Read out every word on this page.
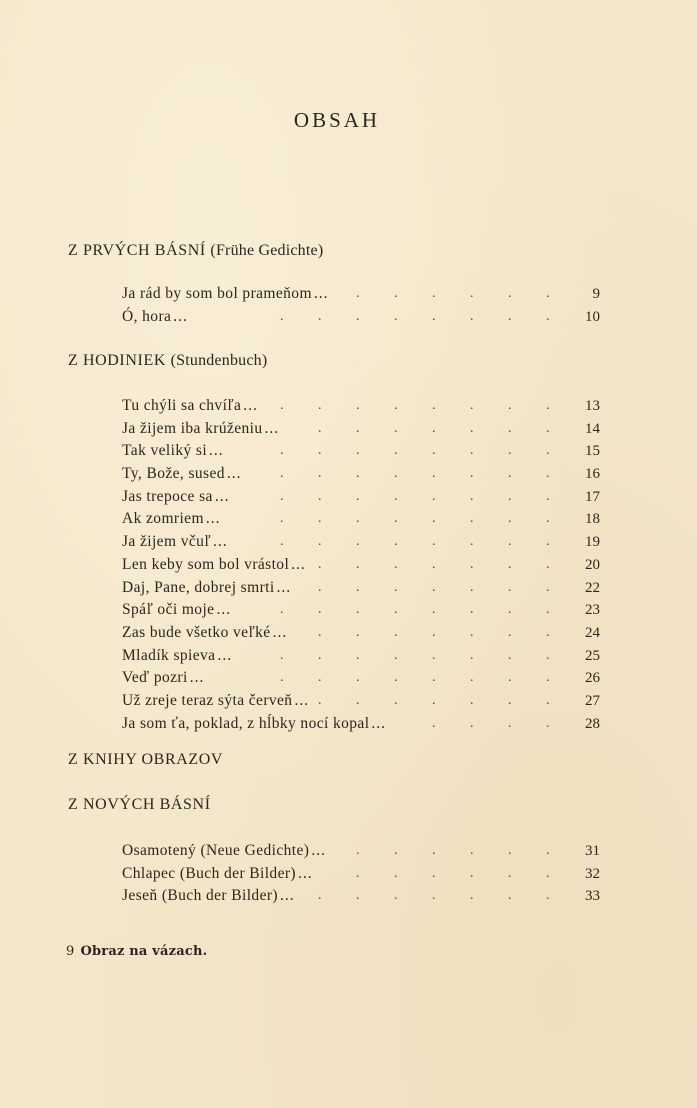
OBSAH
Z PRVÝCH BÁSNÍ (Frühe Gedichte)
Ja rád by som bol prameňom ... . . . . . .	9
Ó, hora ...	. . . . . . . . 10
Z HODINIEK (Stundenbuch)
Tu chýli sa chvíľa ... . . . . . . . . 13
Ja žijem iba krúženiu ...	. . . . . . . 14
Tak veliký si ...	. . . . . . . . 15
Ty, Bože, sused ...	. . . . . . . . 16
Jas trepoce sa ...	. . . . . . . . 17
Ak zomriem ...	. . . . . . . . 18
Ja žijem včuľ ...	. . . . . . . . 19
Len keby som bol vrástol ... . . . . . . . 20
Daj, Pane, dobrej smrti ... . . . . . . . 22
Spáľ oči moje ...	. . . . . . . . 23
Zas bude všetko veľké ... . . . . . . . 24
Mladík spieva ...	. . . . . . . . 25
Veď pozri ...	. . . . . . . . 26
Už zreje teraz sýta červeň ... . . . . . . . 27
Ja som ťa, poklad, z hĺbky nocí kopal ...	. . . . 28
Z KNIHY OBRAZOV
Z NOVÝCH BÁSNÍ
Osamotený (Neue Gedichte) ... . . . . . . 31
Chlapec (Buch der Bilder) ...	. . . . . . 32
Jeseň (Buch der Bilder) ... . . . . . . . 33
9 Obraz na vázach.
